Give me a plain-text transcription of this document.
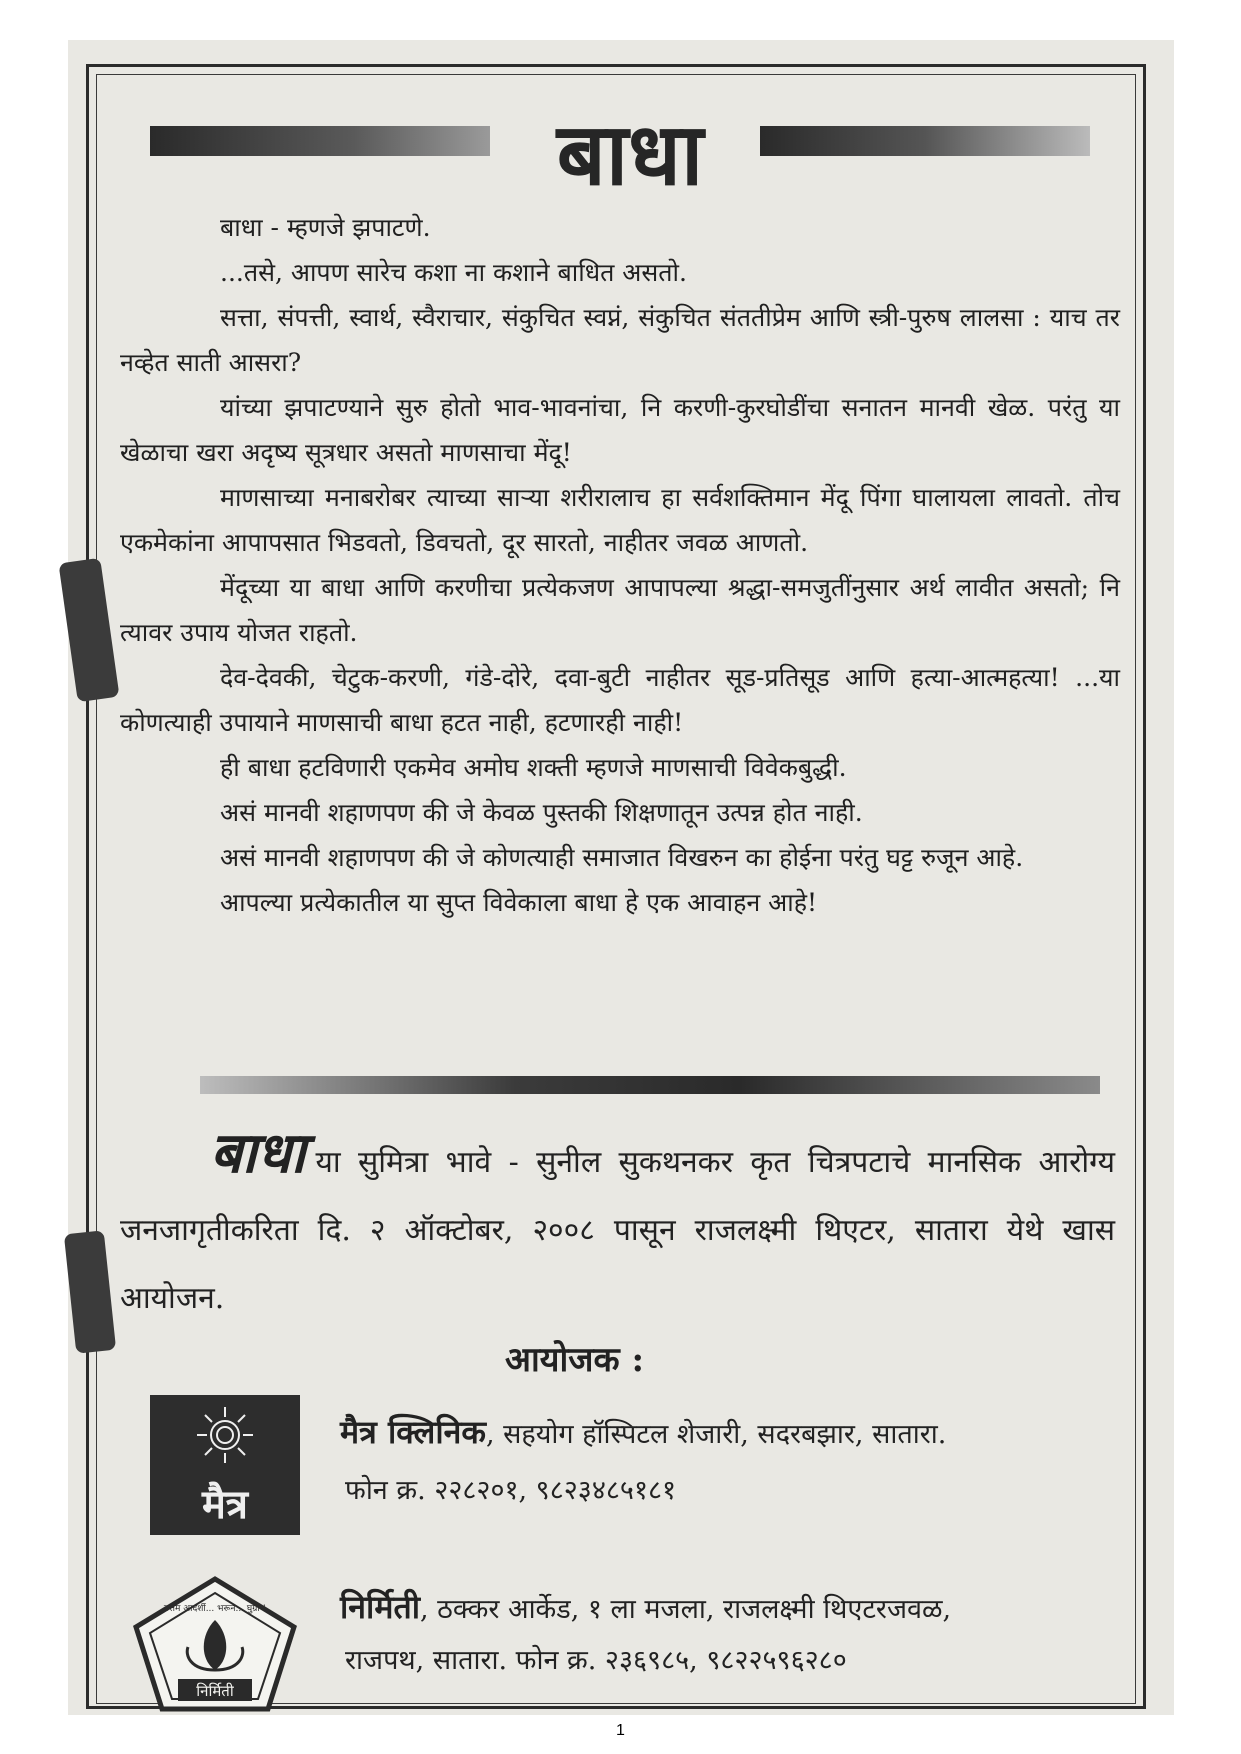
बाधा

बाधा - म्हणजे झपाटणे.

...तसे, आपण सारेच कशा ना कशाने बाधित असतो.

सत्ता, संपत्ती, स्वार्थ, स्वैराचार, संकुचित स्वप्नं, संकुचित संततीप्रेम आणि स्त्री-पुरुष लालसा : याच तर नव्हेत साती आसरा?

यांच्या झपाटण्याने सुरु होतो भाव-भावनांचा, नि करणी-कुरघोडींचा सनातन मानवी खेळ. परंतु या खेळाचा खरा अदृष्य सूत्रधार असतो माणसाचा मेंदू!

माणसाच्या मनाबरोबर त्याच्या साऱ्या शरीरालाच हा सर्वशक्तिमान मेंदू पिंगा घालायला लावतो. तोच एकमेकांना आपापसात भिडवतो, डिवचतो, दूर सारतो, नाहीतर जवळ आणतो.

मेंदूच्या या बाधा आणि करणीचा प्रत्येकजण आपापल्या श्रद्धा-समजुतींनुसार अर्थ लावीत असतो; नि त्यावर उपाय योजत राहतो.

देव-देवकी, चेटुक-करणी, गंडे-दोरे, दवा-बुटी नाहीतर सूड-प्रतिसूड आणि हत्या-आत्महत्या! ...या कोणत्याही उपायाने माणसाची बाधा हटत नाही, हटणारही नाही!

ही बाधा हटविणारी एकमेव अमोघ शक्ती म्हणजे माणसाची विवेकबुद्धी.

असं मानवी शहाणपण की जे केवळ पुस्तकी शिक्षणातून उत्पन्न होत नाही.

असं मानवी शहाणपण की जे कोणत्याही समाजात विखरुन का होईना परंतु घट्ट रुजून आहे.

आपल्या प्रत्येकातील या सुप्त विवेकाला बाधा हे एक आवाहन आहे!

बाधा या सुमित्रा भावे - सुनील सुकथनकर कृत चित्रपटाचे मानसिक आरोग्य जनजागृतीकरिता दि. २ ऑक्टोबर, २००८ पासून राजलक्ष्मी थिएटर, सातारा येथे खास आयोजन.
आयोजक :
मैत्र
मैत्र क्लिनिक, सहयोग हॉस्पिटल शेजारी, सदरबझार, सातारा.
फोन क्र. २२८२०१, ९८२३४८५१८१
निर्मिती
उत्तम आदर्शी... भरून... घुग्रा ! निर्मिती, ठक्कर आर्केड, १ ला मजला, राजलक्ष्मी थिएटरजवळ,
राजपथ, सातारा. फोन क्र. २३६९८५, ९८२२५९६२८०
1
